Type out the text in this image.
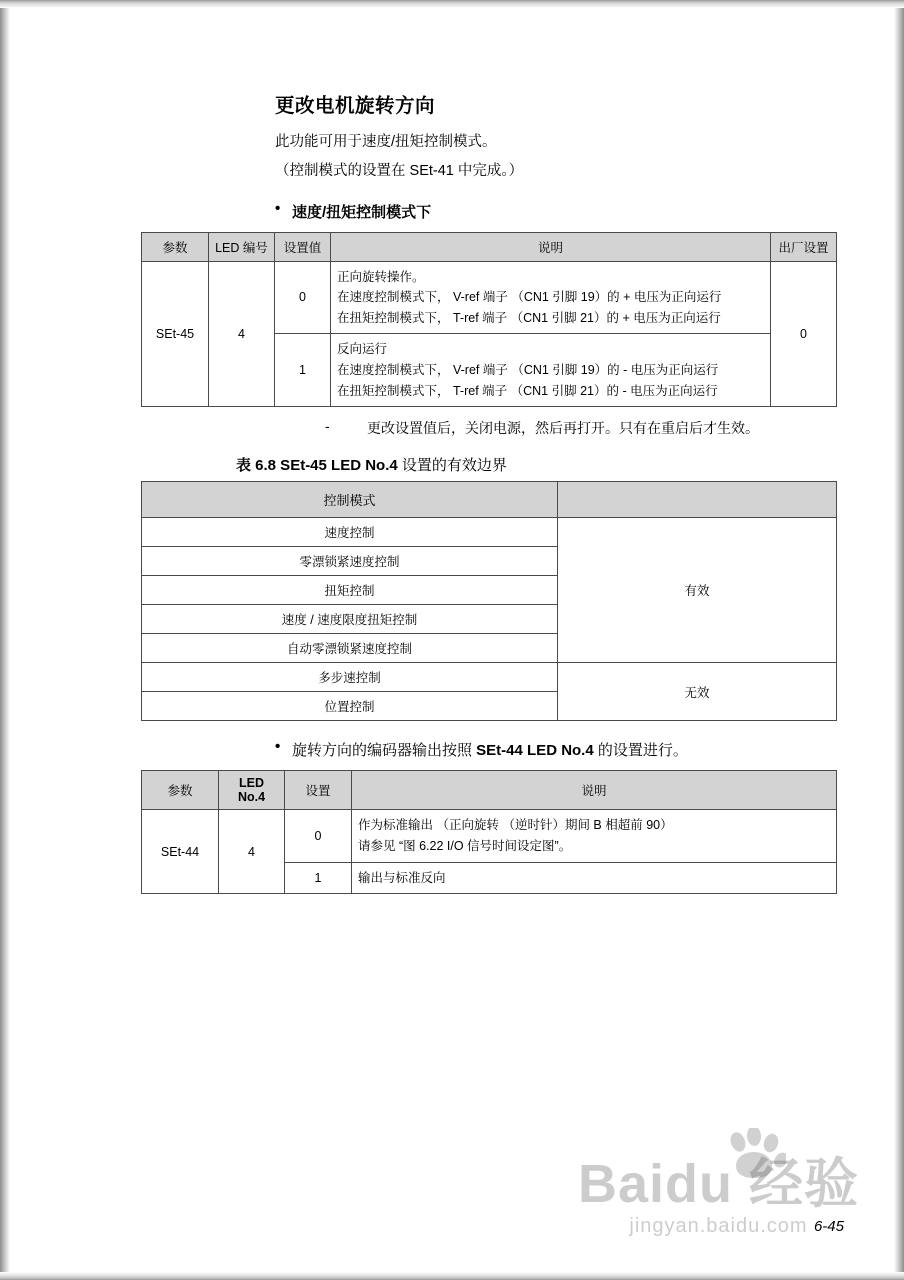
更改电机旋转方向

此功能可用于速度/扭矩控制模式。

（控制模式的设置在 SEt-41 中完成。）

• 速度/扭矩控制模式下
参数	LED 编号	设置值	说明	出厂设置
SEt-45	4	0	正向旋转操作。
在速度控制模式下， V-ref 端子 （CN1 引脚 19）的 + 电压为正向运行
在扭矩控制模式下， T-ref 端子 （CN1 引脚 21）的 + 电压为正向运行	0
		1	反向运行
在速度控制模式下， V-ref 端子 （CN1 引脚 19）的 - 电压为正向运行
在扭矩控制模式下， T-ref 端子 （CN1 引脚 21）的 - 电压为正向运行	
- 更改设置值后，关闭电源，然后再打开。只有在重启后才生效。
表 6.8 SEt-45 LED No.4 设置的有效边界
控制模式	
速度控制	有效
零漂锁紧速度控制	
扭矩控制	
速度 / 速度限度扭矩控制	
自动零漂锁紧速度控制	
多步速控制	无效
位置控制	
• 旋转方向的编码器输出按照 SEt-44 LED No.4 的设置进行。
参数	LED No.4	设置	说明
SEt-44	4	0	作为标准输出 （正向旋转 （逆时针）期间 B 相超前 90）
请参见 “图 6.22 I/O 信号时间设定图”。

		1	输出与标准反向
Baidu 经验
jingyan.baidu.com 6-45
